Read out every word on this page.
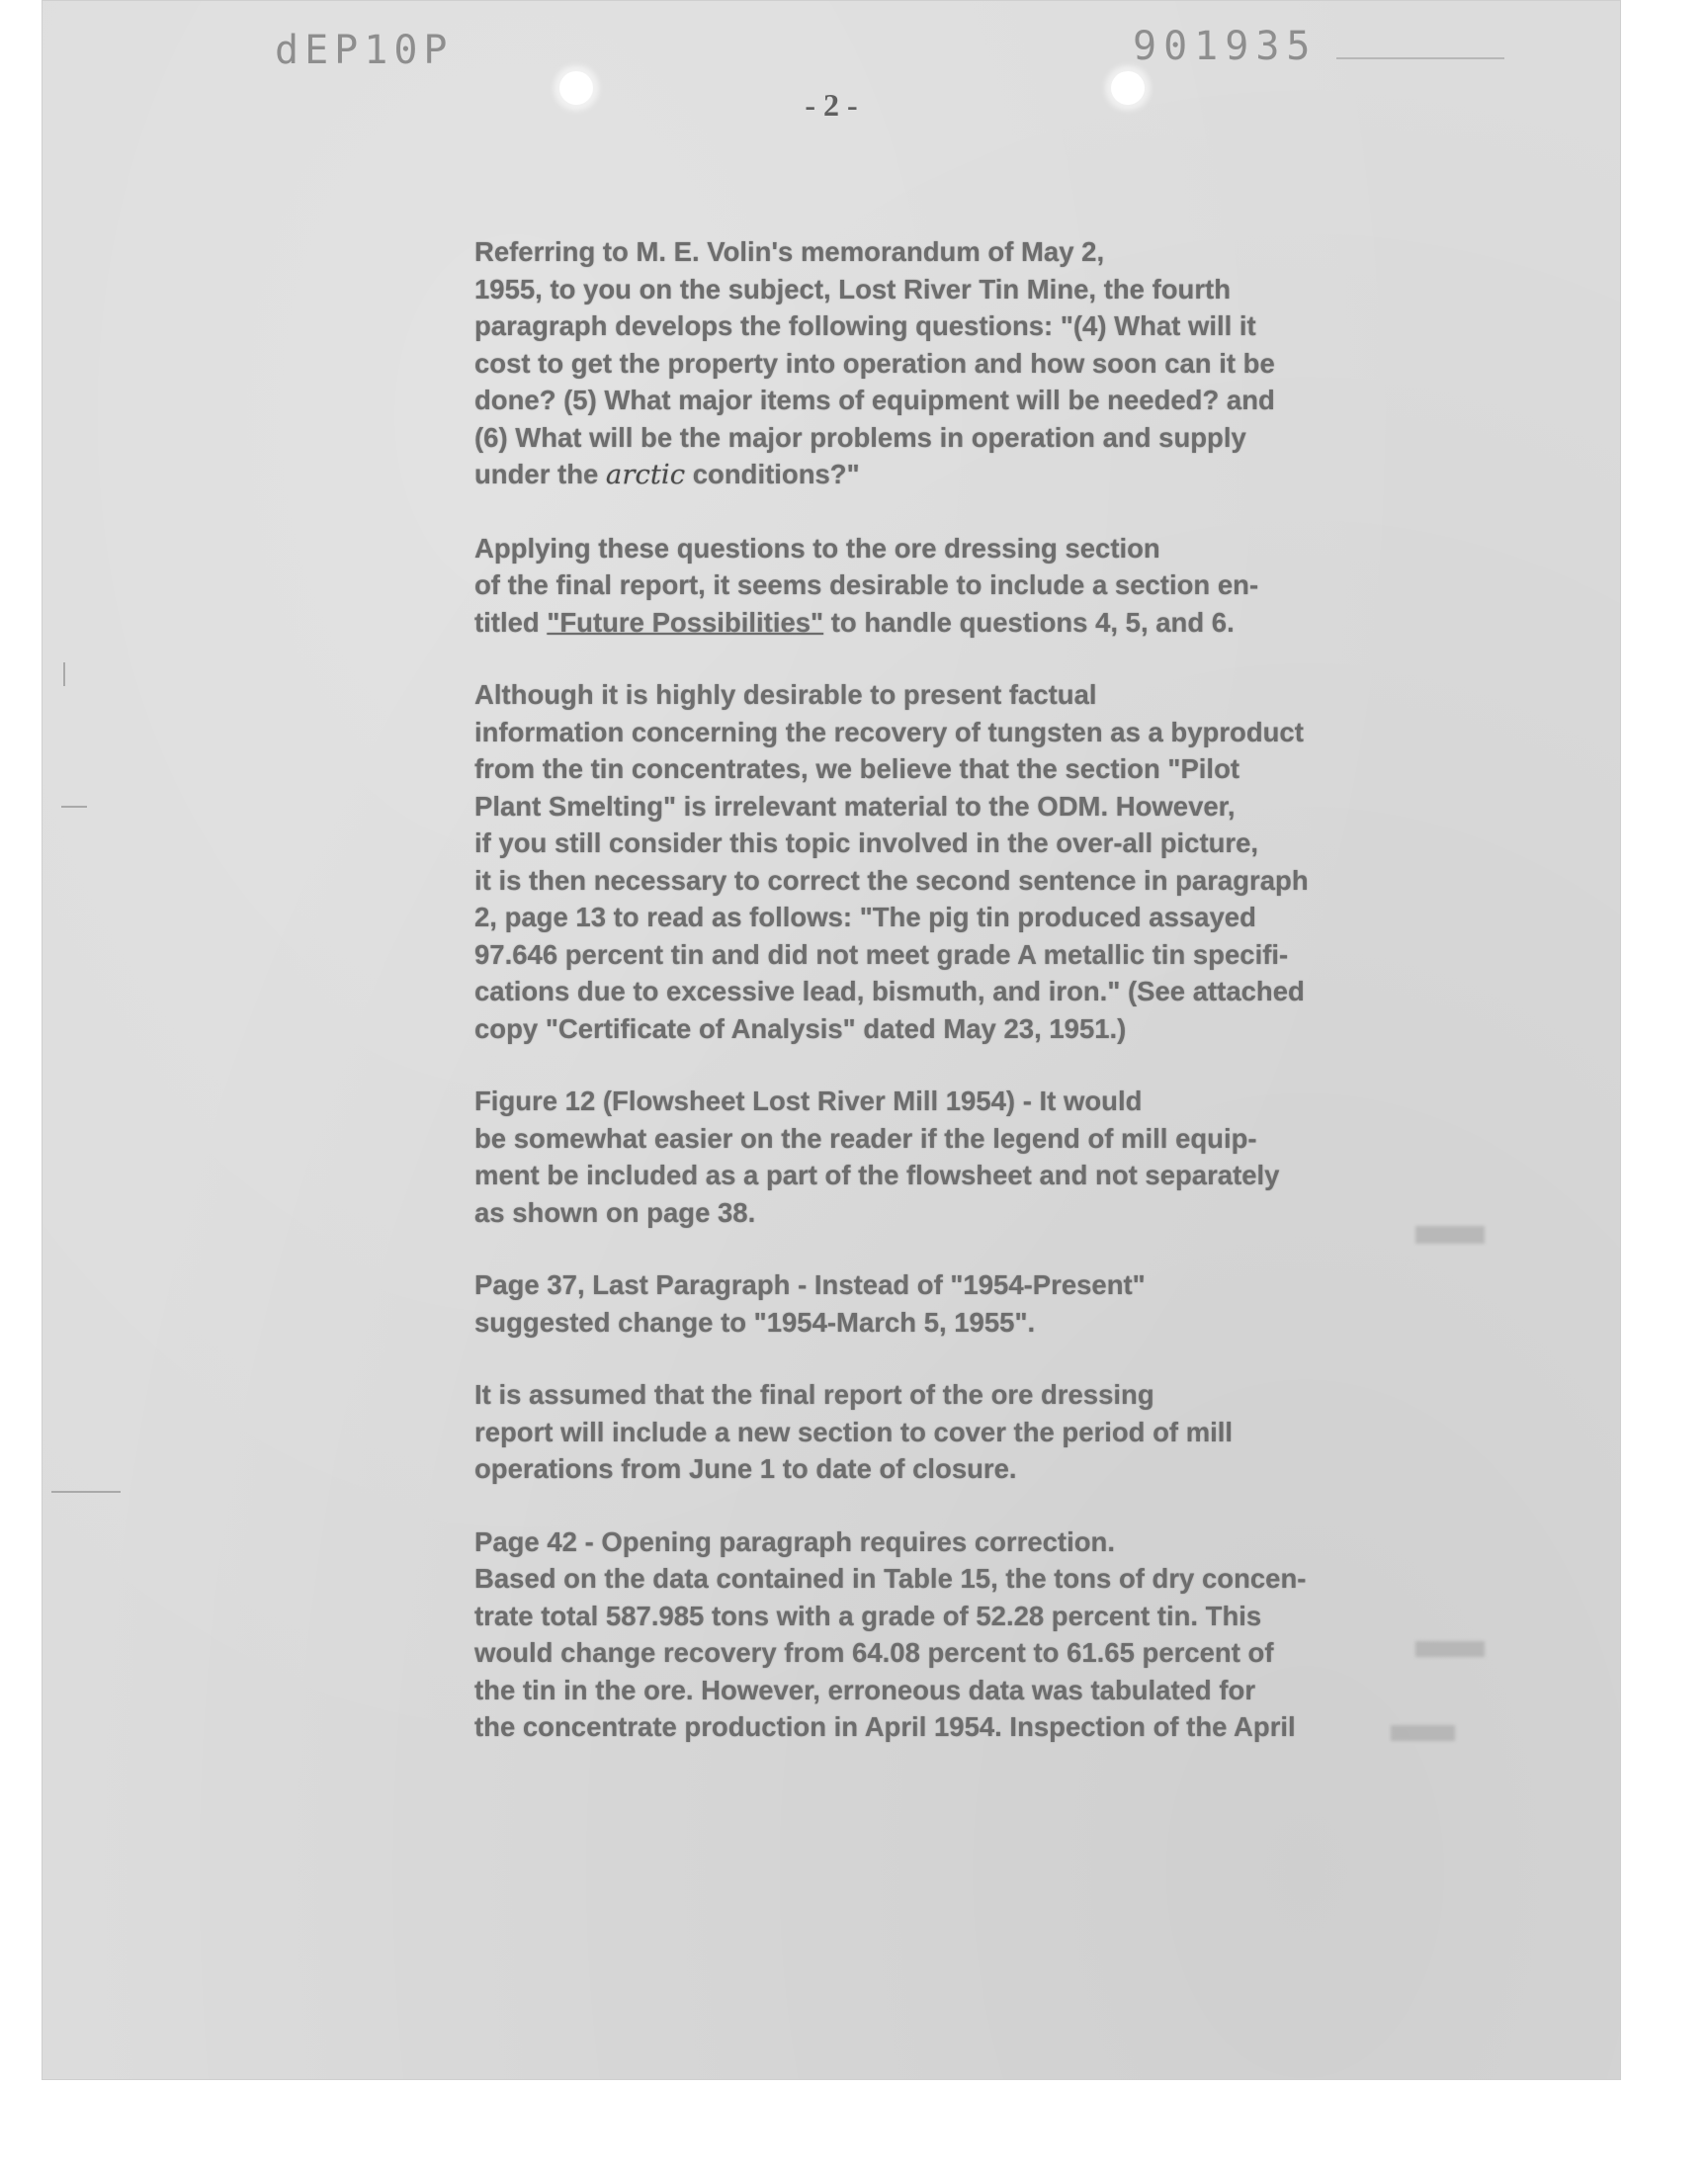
dEP10P	901935
- 2 -
Referring to M. E. Volin's memorandum of May 2,
1955, to you on the subject, Lost River Tin Mine, the fourth
paragraph develops the following questions: "(4) What will it
cost to get the property into operation and how soon can it be
done? (5) What major items of equipment will be needed? and
(6) What will be the major problems in operation and supply
under the arctic conditions?"
Applying these questions to the ore dressing section
of the final report, it seems desirable to include a section en-
titled "Future Possibilities" to handle questions 4, 5, and 6.
Although it is highly desirable to present factual
information concerning the recovery of tungsten as a byproduct
from the tin concentrates, we believe that the section "Pilot
Plant Smelting" is irrelevant material to the ODM. However,
if you still consider this topic involved in the over-all picture,
it is then necessary to correct the second sentence in paragraph
2, page 13 to read as follows: "The pig tin produced assayed
97.646 percent tin and did not meet grade A metallic tin specifi-
cations due to excessive lead, bismuth, and iron." (See attached
copy "Certificate of Analysis" dated May 23, 1951.)
Figure 12 (Flowsheet Lost River Mill 1954) - It would
be somewhat easier on the reader if the legend of mill equip-
ment be included as a part of the flowsheet and not separately
as shown on page 38.
Page 37, Last Paragraph - Instead of "1954-Present"
suggested change to "1954-March 5, 1955".
It is assumed that the final report of the ore dressing
report will include a new section to cover the period of mill
operations from June 1 to date of closure.
Page 42 - Opening paragraph requires correction.
Based on the data contained in Table 15, the tons of dry concen-
trate total 587.985 tons with a grade of 52.28 percent tin. This
would change recovery from 64.08 percent to 61.65 percent of
the tin in the ore. However, erroneous data was tabulated for
the concentrate production in April 1954. Inspection of the April
